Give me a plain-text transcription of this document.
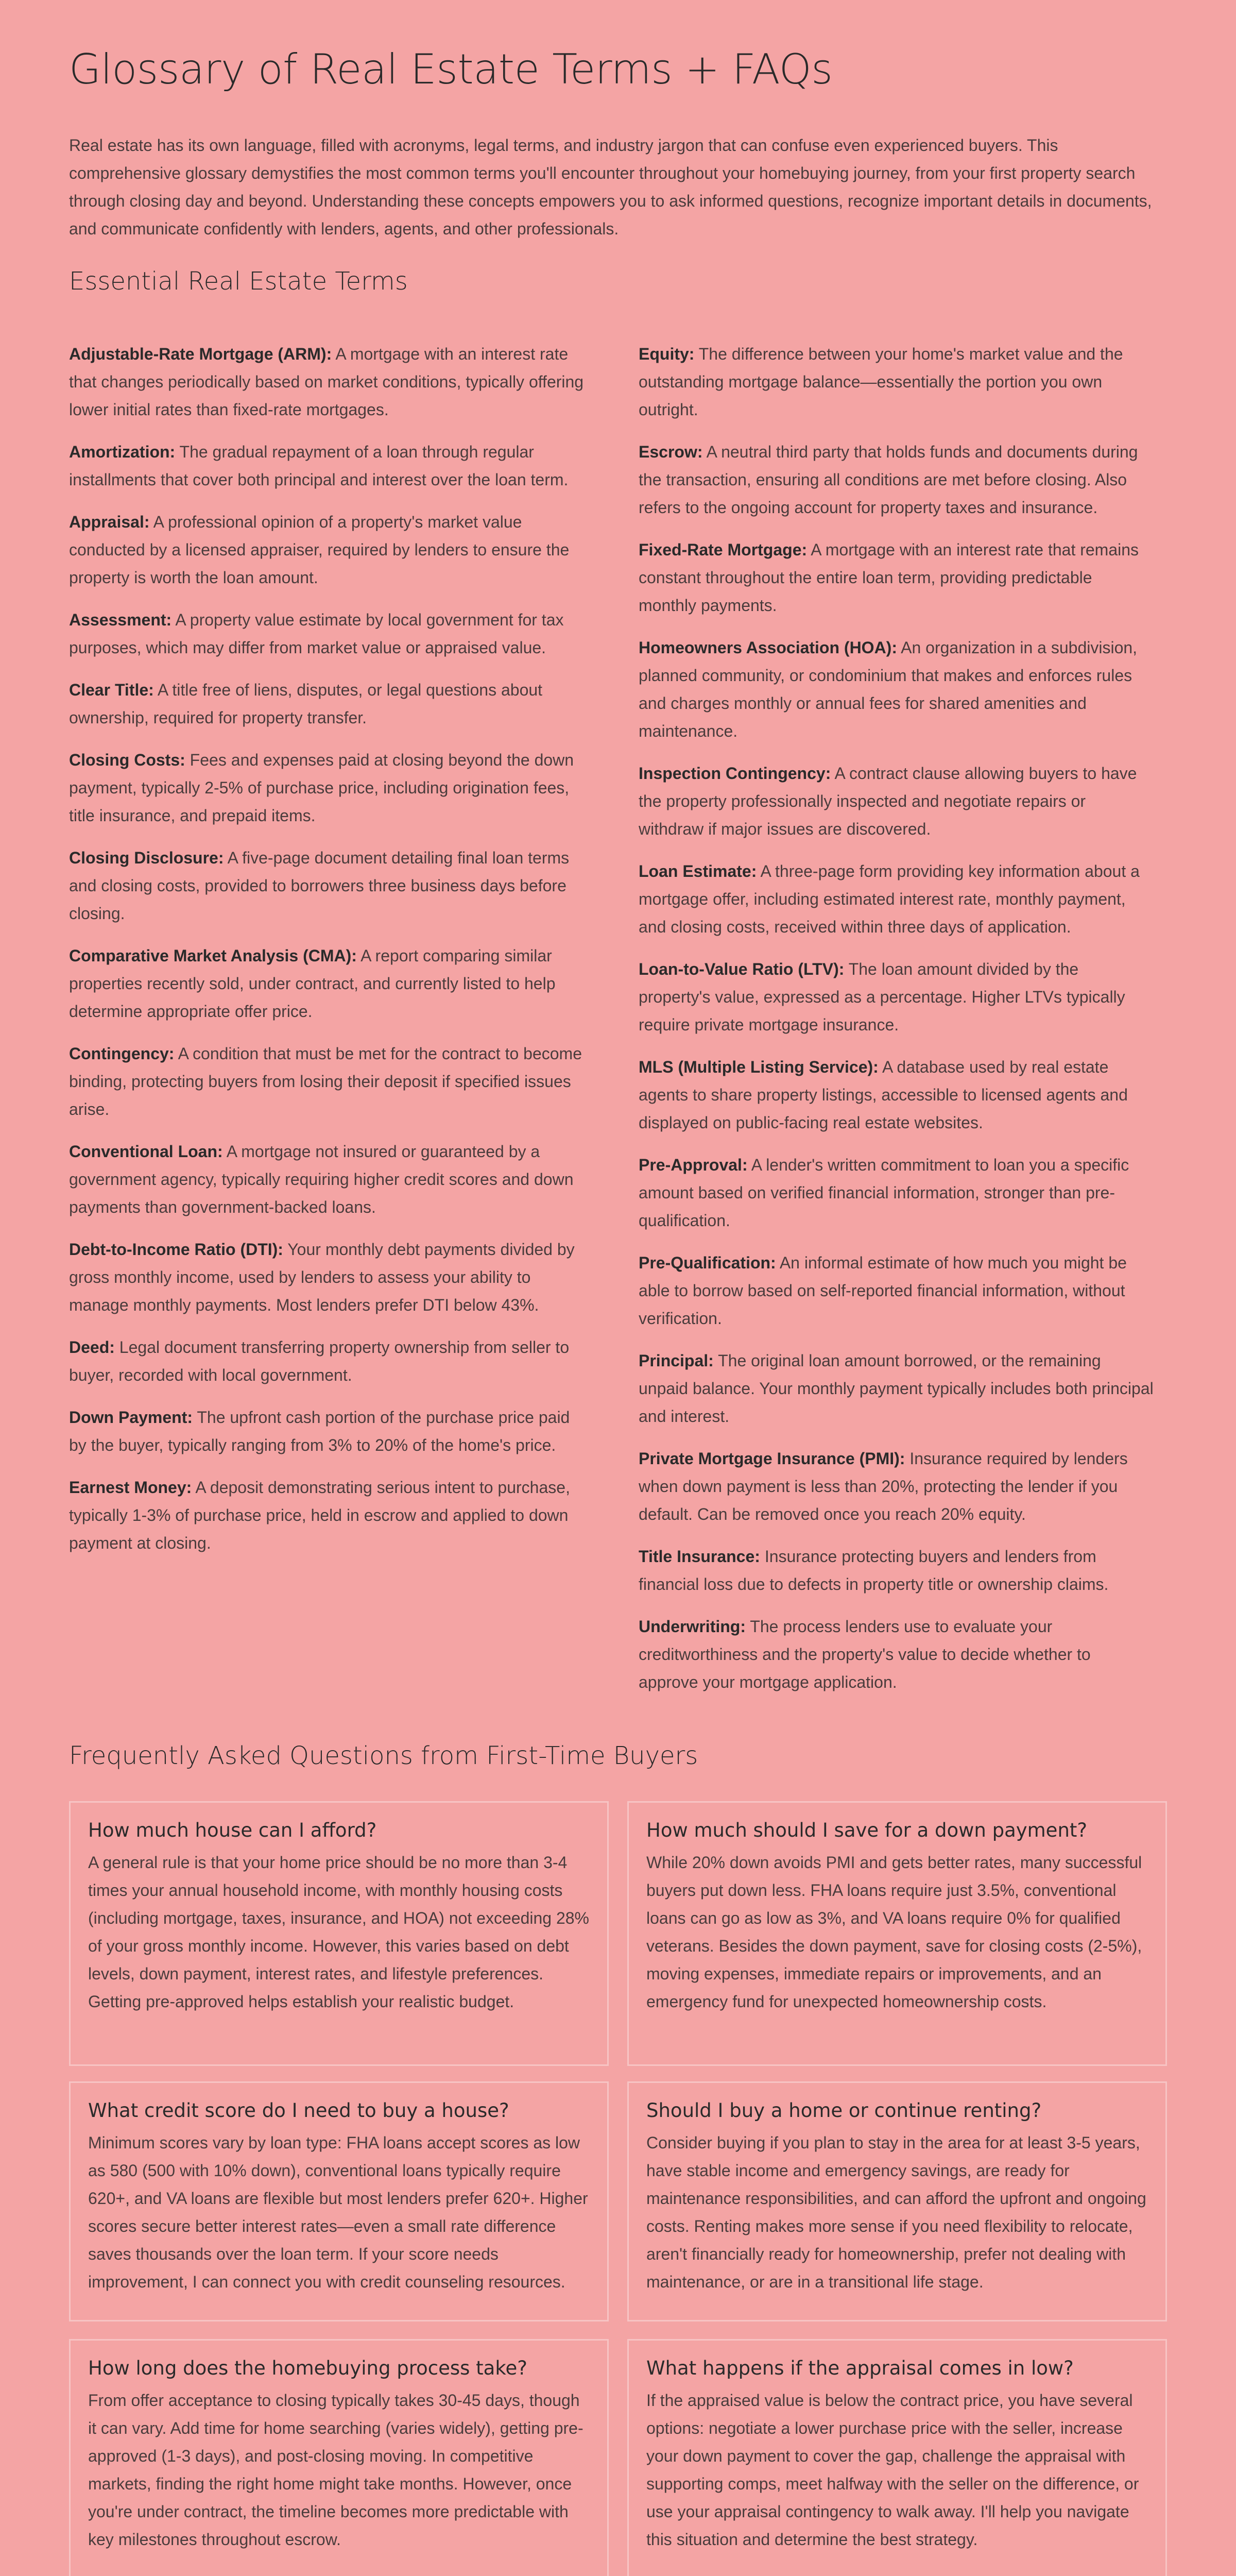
Glossary of Real Estate Terms + FAQs

Real estate has its own language, filled with acronyms, legal terms, and industry jargon that can confuse even experienced buyers. This comprehensive glossary demystifies the most common terms you'll encounter throughout your homebuying journey, from your first property search through closing day and beyond. Understanding these concepts empowers you to ask informed questions, recognize important details in documents, and communicate confidently with lenders, agents, and other professionals.

Essential Real Estate Terms

Adjustable-Rate Mortgage (ARM): A mortgage with an interest rate that changes periodically based on market conditions, typically offering lower initial rates than fixed-rate mortgages.

Amortization: The gradual repayment of a loan through regular installments that cover both principal and interest over the loan term.

Appraisal: A professional opinion of a property's market value conducted by a licensed appraiser, required by lenders to ensure the property is worth the loan amount.

Assessment: A property value estimate by local government for tax purposes, which may differ from market value or appraised value.

Clear Title: A title free of liens, disputes, or legal questions about ownership, required for property transfer.

Closing Costs: Fees and expenses paid at closing beyond the down payment, typically 2-5% of purchase price, including origination fees, title insurance, and prepaid items.

Closing Disclosure: A five-page document detailing final loan terms and closing costs, provided to borrowers three business days before closing.

Comparative Market Analysis (CMA): A report comparing similar properties recently sold, under contract, and currently listed to help determine appropriate offer price.

Contingency: A condition that must be met for the contract to become binding, protecting buyers from losing their deposit if specified issues arise.

Conventional Loan: A mortgage not insured or guaranteed by a government agency, typically requiring higher credit scores and down payments than government-backed loans.

Debt-to-Income Ratio (DTI): Your monthly debt payments divided by gross monthly income, used by lenders to assess your ability to manage monthly payments. Most lenders prefer DTI below 43%.

Deed: Legal document transferring property ownership from seller to buyer, recorded with local government.

Down Payment: The upfront cash portion of the purchase price paid by the buyer, typically ranging from 3% to 20% of the home's price.

Earnest Money: A deposit demonstrating serious intent to purchase, typically 1-3% of purchase price, held in escrow and applied to down payment at closing.

Equity: The difference between your home's market value and the outstanding mortgage balance—essentially the portion you own outright.

Escrow: A neutral third party that holds funds and documents during the transaction, ensuring all conditions are met before closing. Also refers to the ongoing account for property taxes and insurance.

Fixed-Rate Mortgage: A mortgage with an interest rate that remains constant throughout the entire loan term, providing predictable monthly payments.

Homeowners Association (HOA): An organization in a subdivision, planned community, or condominium that makes and enforces rules and charges monthly or annual fees for shared amenities and maintenance.

Inspection Contingency: A contract clause allowing buyers to have the property professionally inspected and negotiate repairs or withdraw if major issues are discovered.

Loan Estimate: A three-page form providing key information about a mortgage offer, including estimated interest rate, monthly payment, and closing costs, received within three days of application.

Loan-to-Value Ratio (LTV): The loan amount divided by the property's value, expressed as a percentage. Higher LTVs typically require private mortgage insurance.

MLS (Multiple Listing Service): A database used by real estate agents to share property listings, accessible to licensed agents and displayed on public-facing real estate websites.

Pre-Approval: A lender's written commitment to loan you a specific amount based on verified financial information, stronger than pre-qualification.

Pre-Qualification: An informal estimate of how much you might be able to borrow based on self-reported financial information, without verification.

Principal: The original loan amount borrowed, or the remaining unpaid balance. Your monthly payment typically includes both principal and interest.

Private Mortgage Insurance (PMI): Insurance required by lenders when down payment is less than 20%, protecting the lender if you default. Can be removed once you reach 20% equity.

Title Insurance: Insurance protecting buyers and lenders from financial loss due to defects in property title or ownership claims.

Underwriting: The process lenders use to evaluate your creditworthiness and the property's value to decide whether to approve your mortgage application.

Frequently Asked Questions from First-Time Buyers
How much house can I afford?

A general rule is that your home price should be no more than 3-4 times your annual household income, with monthly housing costs (including mortgage, taxes, insurance, and HOA) not exceeding 28% of your gross monthly income. However, this varies based on debt levels, down payment, interest rates, and lifestyle preferences. Getting pre-approved helps establish your realistic budget.

How much should I save for a down payment?

While 20% down avoids PMI and gets better rates, many successful buyers put down less. FHA loans require just 3.5%, conventional loans can go as low as 3%, and VA loans require 0% for qualified veterans. Besides the down payment, save for closing costs (2-5%), moving expenses, immediate repairs or improvements, and an emergency fund for unexpected homeownership costs.

What credit score do I need to buy a house?

Minimum scores vary by loan type: FHA loans accept scores as low as 580 (500 with 10% down), conventional loans typically require 620+, and VA loans are flexible but most lenders prefer 620+. Higher scores secure better interest rates—even a small rate difference saves thousands over the loan term. If your score needs improvement, I can connect you with credit counseling resources.

Should I buy a home or continue renting?

Consider buying if you plan to stay in the area for at least 3-5 years, have stable income and emergency savings, are ready for maintenance responsibilities, and can afford the upfront and ongoing costs. Renting makes more sense if you need flexibility to relocate, aren't financially ready for homeownership, prefer not dealing with maintenance, or are in a transitional life stage.

How long does the homebuying process take?

From offer acceptance to closing typically takes 30-45 days, though it can vary. Add time for home searching (varies widely), getting pre-approved (1-3 days), and post-closing moving. In competitive markets, finding the right home might take months. However, once you're under contract, the timeline becomes more predictable with key milestones throughout escrow.

What happens if the appraisal comes in low?

If the appraised value is below the contract price, you have several options: negotiate a lower purchase price with the seller, increase your down payment to cover the gap, challenge the appraisal with supporting comps, meet halfway with the seller on the difference, or use your appraisal contingency to walk away. I'll help you navigate this situation and determine the best strategy.
